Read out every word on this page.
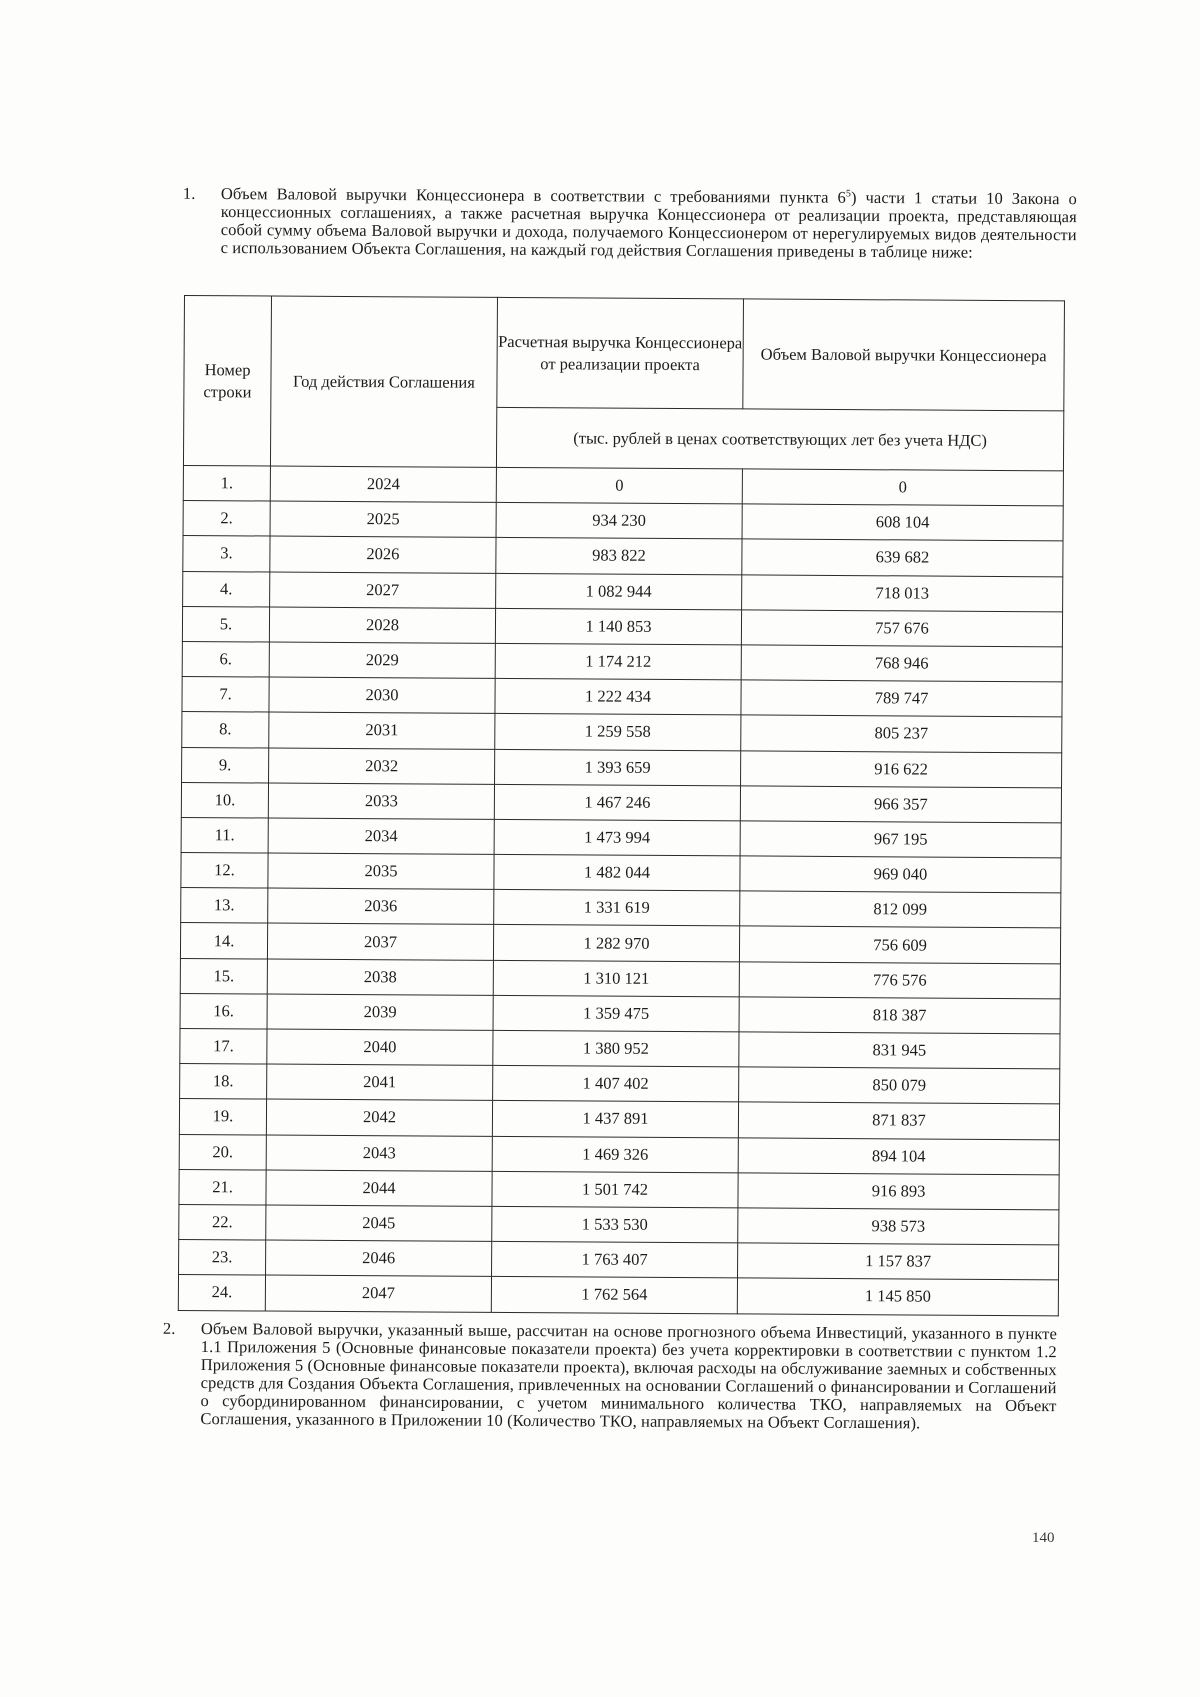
1. Объем Валовой выручки Концессионера в соответствии с требованиями пункта $6^5$) части 1 статьи 10 Закона о концессионных соглашениях, а также расчетная выручка Концессионера от реализации проекта, представляющая собой сумму объема Валовой выручки и дохода, получаемого Концессионером от нерегулируемых видов деятельности с использованием Объекта Соглашения, на каждый год действия Соглашения приведены в таблице ниже:
Номер строки	Год действия Соглашения	Расчетная выручка Концессионера от реализации проекта	Объем Валовой выручки Концессионера
		(тыс. рублей в ценах соответствующих лет без учета НДС)	
1.	2024	0	0
2.	2025	934 230	608 104
3.	2026	983 822	639 682
4.	2027	1 082 944	718 013
5.	2028	1 140 853	757 676
6.	2029	1 174 212	768 946
7.	2030	1 222 434	789 747
8.	2031	1 259 558	805 237
9.	2032	1 393 659	916 622
10.	2033	1 467 246	966 357
11.	2034	1 473 994	967 195
12.	2035	1 482 044	969 040
13.	2036	1 331 619	812 099
14.	2037	1 282 970	756 609
15.	2038	1 310 121	776 576
16.	2039	1 359 475	818 387
17.	2040	1 380 952	831 945
18.	2041	1 407 402	850 079
19.	2042	1 437 891	871 837
20.	2043	1 469 326	894 104
21.	2044	1 501 742	916 893
22.	2045	1 533 530	938 573
23.	2046	1 763 407	1 157 837
24.	2047	1 762 564	1 145 850
2. Объем Валовой выручки, указанный выше, рассчитан на основе прогнозного объема Инвестиций, указанного в пункте 1.1 Приложения 5 (Основные финансовые показатели проекта) без учета корректировки в соответствии с пунктом 1.2 Приложения 5 (Основные финансовые показатели проекта), включая расходы на обслуживание заемных и собственных средств для Создания Объекта Соглашения, привлеченных на основании Соглашений о финансировании и Соглашений о субординированном финансировании, с учетом минимального количества ТКО, направляемых на Объект Соглашения, указанного в Приложении 10 (Количество ТКО, направляемых на Объект Соглашения).
140
